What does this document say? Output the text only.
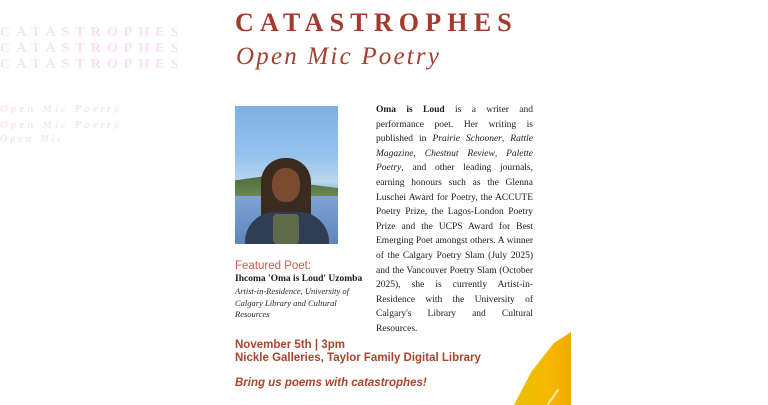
CATASTROPHES
CATASTROPHES
CATASTROPHES
Open Mic Poetry
Open Mic Poetry
Open Mic
CATASTROPHES
Open Mic Poetry
Featured Poet:
Ihcoma 'Oma is Loud' Uzomba
Artist-in-Residence, University of Calgary Library and Cultural Resources
Oma is Loud is a writer and performance poet. Her writing is published in Prairie Schooner, Rattle Magazine, Chestnut Review, Palette Poetry, and other leading journals, earning honours such as the Glenna Luschei Award for Poetry, the ACCUTE Poetry Prize, the Lagos-London Poetry Prize and the UCPS Award for Best Emerging Poet amongst others. A winner of the Calgary Poetry Slam (July 2025) and the Vancouver Poetry Slam (October 2025), she is currently Artist-in-Residence with the University of Calgary's Library and Cultural Resources.
November 5th | 3pm
Nickle Galleries, Taylor Family Digital Library
Bring us poems with catastrophes!
